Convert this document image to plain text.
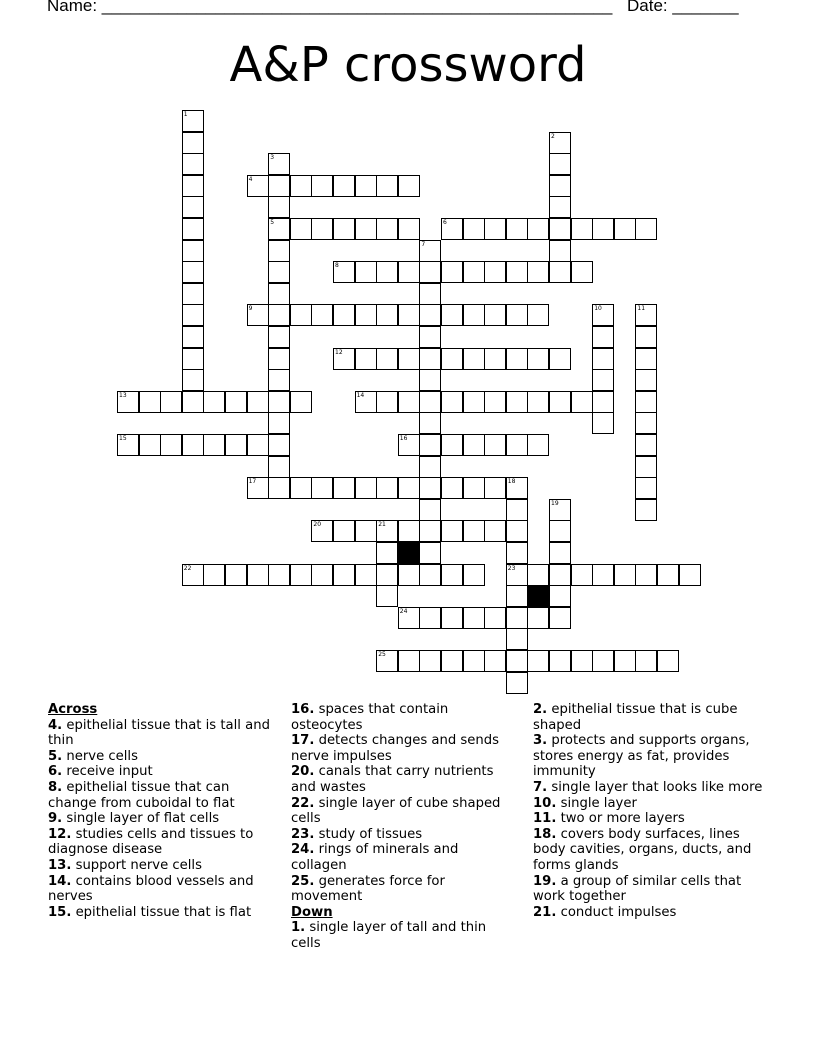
Name: ______________________________________________________ Date: _______
A&P crossword
4
5	6
8
9
12
13	14
15	16
17	18
20	21
22	23
24
25
1
2
3
7
10	11
19

Across

4. epithelial tissue that is tall and thin

5. nerve cells

6. receive input

8. epithelial tissue that can change from cuboidal to flat

9. single layer of flat cells

12. studies cells and tissues to diagnose disease

13. support nerve cells

14. contains blood vessels and nerves

15. epithelial tissue that is flat

16. spaces that contain osteocytes

17. detects changes and sends nerve impulses

20. canals that carry nutrients and wastes

22. single layer of cube shaped cells

23. study of tissues

24. rings of minerals and collagen

25. generates force for movement

Down

1. single layer of tall and thin cells

2. epithelial tissue that is cube shaped

3. protects and supports organs, stores energy as fat, provides immunity

7. single layer that looks like more

10. single layer

11. two or more layers

18. covers body surfaces, lines body cavities, organs, ducts, and forms glands

19. a group of similar cells that work together

21. conduct impulses
